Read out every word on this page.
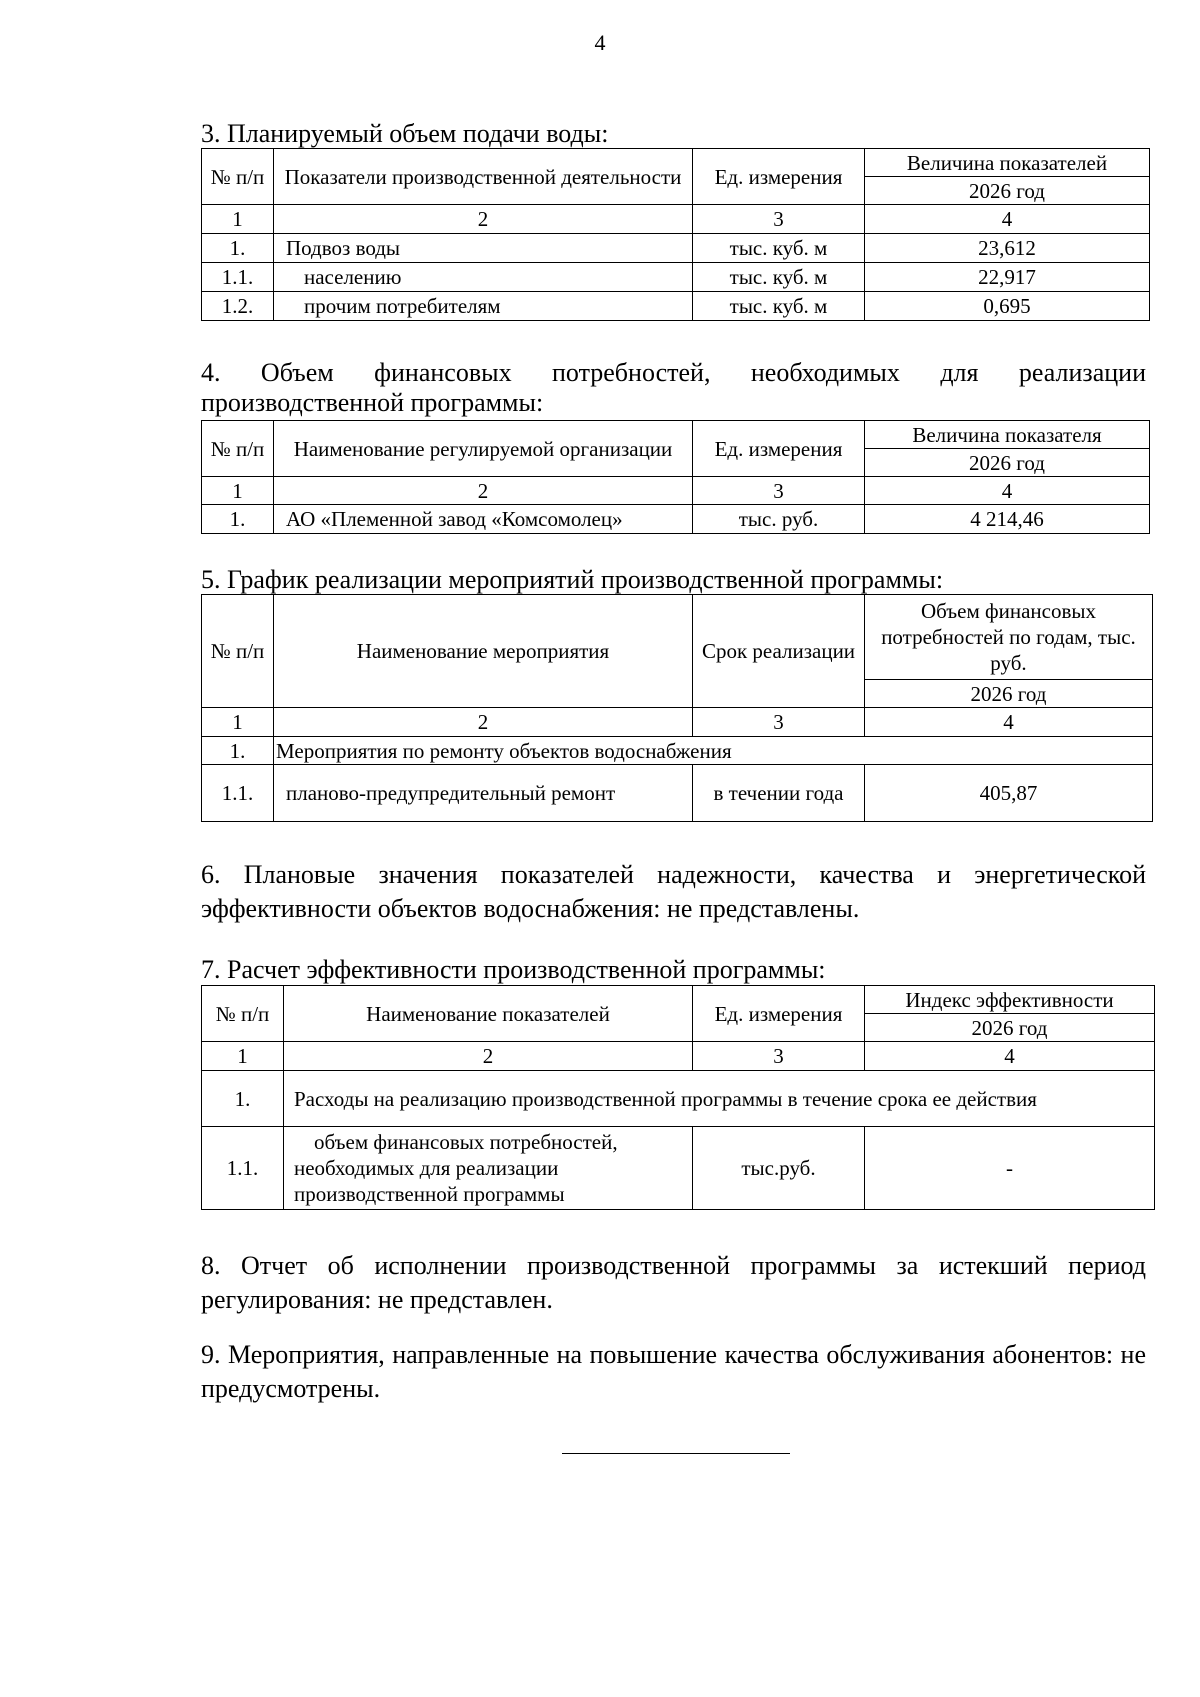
4

3. Планируемый объем подачи воды:

№ п/п	Показатели производственной деятельности	Ед. измерения	Величина показателей
			2026 год
1	2	3	4
1.	Подвоз воды	тыс. куб. м	23,612
1.1.	населению	тыс. куб. м	22,917
1.2.	прочим потребителям	тыс. куб. м	0,695

4. Объем финансовых потребностей, необходимых для реализации производственной программы:

№ п/п	Наименование регулируемой организации	Ед. измерения	Величина показателя
			2026 год
1	2	3	4
1.	АО «Племенной завод «Комсомолец»	тыс. руб.	4 214,46

5. График реализации мероприятий производственной программы:

№ п/п	Наименование мероприятия	Срок реализации	Объем финансовых потребностей по годам, тыс. руб.
			2026 год
1	2	3	4
1.	Мероприятия по ремонту объектов водоснабжения		
1.1.	планово-предупредительный ремонт	в течении года	405,87

6. Плановые значения показателей надежности, качества и энергетической эффективности объектов водоснабжения: не представлены.

7. Расчет эффективности производственной программы:

№ п/п	Наименование показателей	Ед. измерения	Индекс эффективности
			2026 год
1	2	3	4
1.	Расходы на реализацию производственной программы в течение срока ее действия		
1.1.	объем финансовых потребностей, необходимых для реализации производственной программы	тыс.руб.	-

8. Отчет об исполнении производственной программы за истекший период регулирования: не представлен.

9. Мероприятия, направленные на повышение качества обслуживания абонентов: не предусмотрены.
